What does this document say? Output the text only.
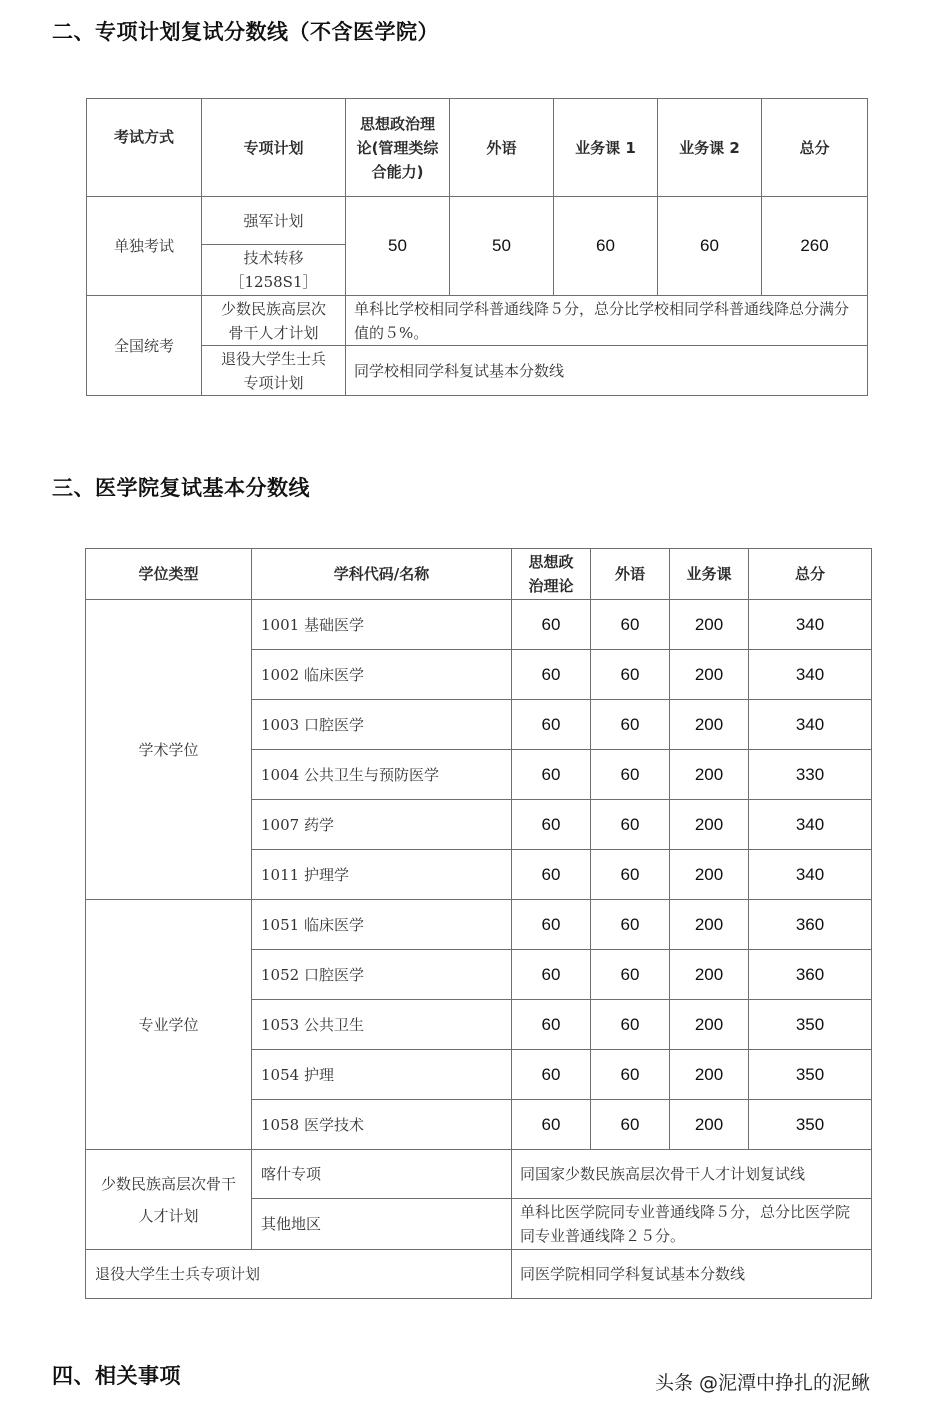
二、专项计划复试分数线（不含医学院）
考试方式	专项计划	思想政治理论(管理类综合能力)	外语	业务课 1	业务课 2	总分
单独考试	强军计划	50	50	60	60	260
	技术转移［1258S1］					
全国统考	少数民族高层次骨干人才计划	单科比学校相同学科普通线降５分，总分比学校相同学科普通线降总分满分值的５%。				
	退役大学生士兵专项计划	同学校相同学科复试基本分数线				
三、医学院复试基本分数线
学位类型	学科代码/名称	思想政治理论	外语	业务课	总分
学术学位	1001 基础医学	60	60	200	340
	1002 临床医学	60	60	200	340
	1003 口腔医学	60	60	200	340
	1004 公共卫生与预防医学	60	60	200	330
	1007 药学	60	60	200	340
	1011 护理学	60	60	200	340
专业学位	1051 临床医学	60	60	200	360
	1052 口腔医学	60	60	200	360
	1053 公共卫生	60	60	200	350
	1054 护理	60	60	200	350
	1058 医学技术	60	60	200	350
少数民族高层次骨干人才计划	喀什专项	同国家少数民族高层次骨干人才计划复试线			
	其他地区	单科比医学院同专业普通线降５分，总分比医学院同专业普通线降２５分。			
退役大学生士兵专项计划		同医学院相同学科复试基本分数线			
四、相关事项	头条 @泥潭中挣扎的泥鳅
